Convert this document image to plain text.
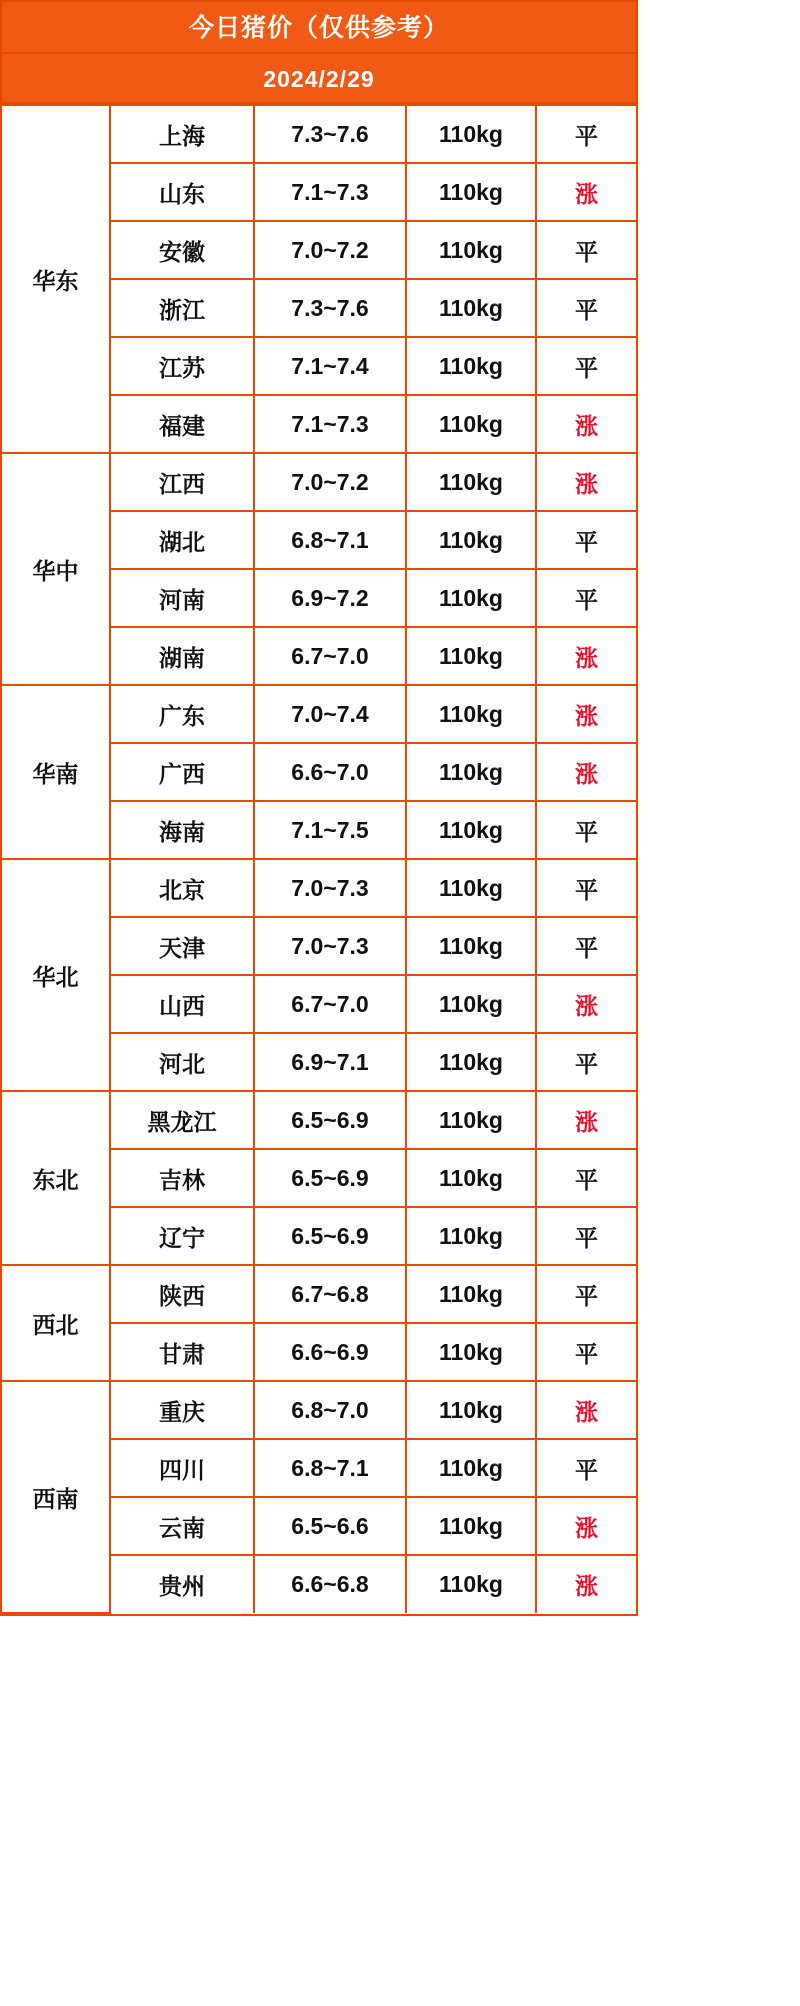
今日猪价（仅供参考）
2024/2/29
华东	上海	7.3~7.6	110kg	平
	山东	7.1~7.3	110kg	涨
	安徽	7.0~7.2	110kg	平
	浙江	7.3~7.6	110kg	平
	江苏	7.1~7.4	110kg	平
	福建	7.1~7.3	110kg	涨
华中	江西	7.0~7.2	110kg	涨
	湖北	6.8~7.1	110kg	平
	河南	6.9~7.2	110kg	平
	湖南	6.7~7.0	110kg	涨
华南	广东	7.0~7.4	110kg	涨
	广西	6.6~7.0	110kg	涨
	海南	7.1~7.5	110kg	平
华北	北京	7.0~7.3	110kg	平
	天津	7.0~7.3	110kg	平
	山西	6.7~7.0	110kg	涨
	河北	6.9~7.1	110kg	平
东北	黑龙江	6.5~6.9	110kg	涨
	吉林	6.5~6.9	110kg	平
	辽宁	6.5~6.9	110kg	平
西北	陕西	6.7~6.8	110kg	平
	甘肃	6.6~6.9	110kg	平
西南	重庆	6.8~7.0	110kg	涨
	四川	6.8~7.1	110kg	平
	云南	6.5~6.6	110kg	涨
	贵州	6.6~6.8	110kg	涨
